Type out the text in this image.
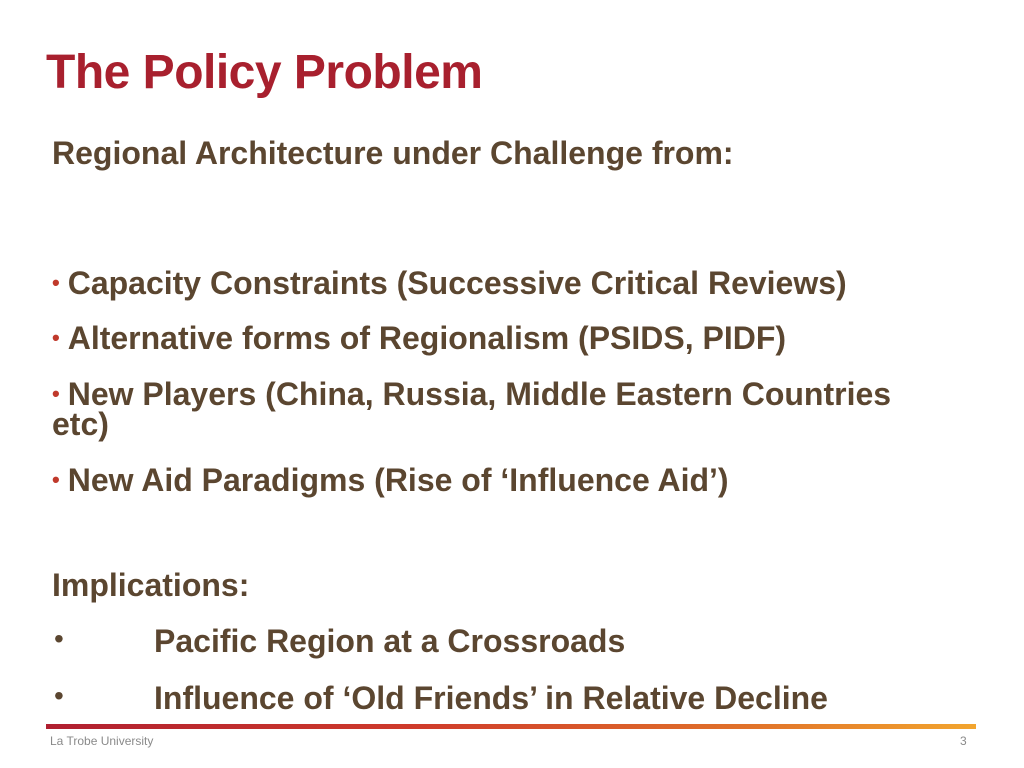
The Policy Problem

Regional Architecture under Challenge from:

• Capacity Constraints (Successive Critical Reviews)
• Alternative forms of Regionalism (PSIDS, PIDF)
• New Players (China, Russia, Middle Eastern Countries
etc)
• New Aid Paradigms (Rise of ‘Influence Aid’)

Implications:

•	Pacific Region at a Crossroads
•	Influence of ‘Old Friends’ in Relative Decline
La Trobe University	3
